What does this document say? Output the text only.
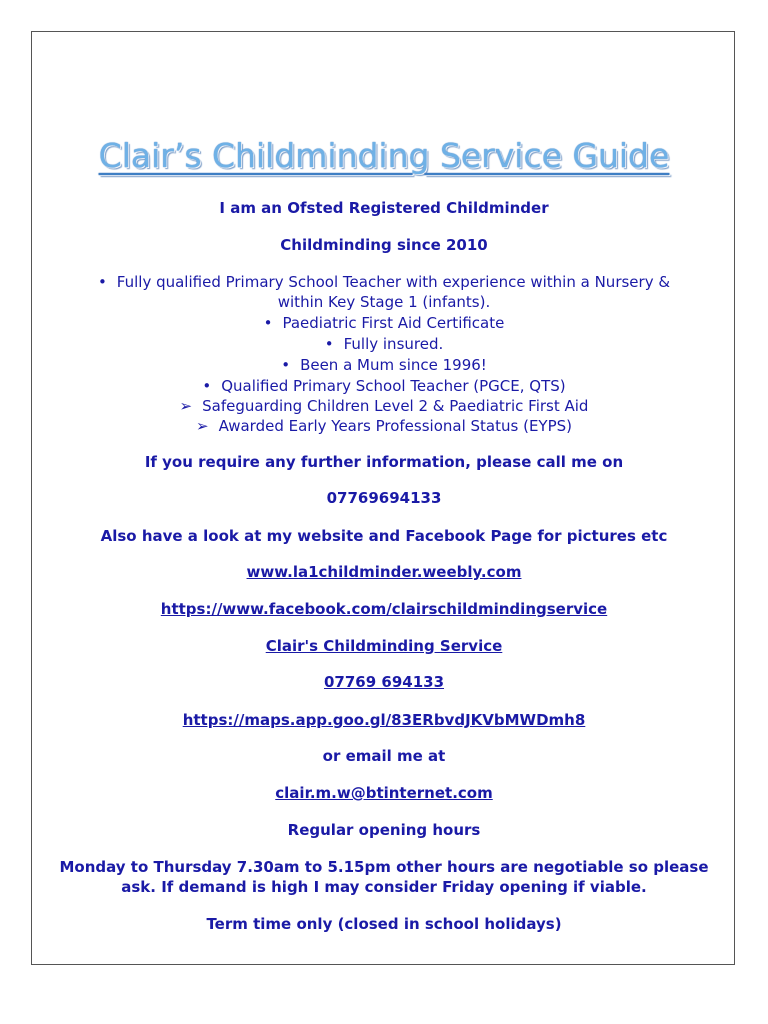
Clair’s Childminding Service Guide
I am an Ofsted Registered Childminder
Childminding since 2010
• Fully qualified Primary School Teacher with experience within a Nursery &
within Key Stage 1 (infants).
• Paediatric First Aid Certificate
• Fully insured.
• Been a Mum since 1996!
• Qualified Primary School Teacher (PGCE, QTS)
➢ Safeguarding Children Level 2 & Paediatric First Aid
➢ Awarded Early Years Professional Status (EYPS)
If you require any further information, please call me on
07769694133
Also have a look at my website and Facebook Page for pictures etc
www.la1childminder.weebly.com
https://www.facebook.com/clairschildmindingservice
Clair's Childminding Service
07769 694133
https://maps.app.goo.gl/83ERbvdJKVbMWDmh8
or email me at
clair.m.w@btinternet.com
Regular opening hours
Monday to Thursday 7.30am to 5.15pm other hours are negotiable so please
ask. If demand is high I may consider Friday opening if viable.
Term time only (closed in school holidays)
